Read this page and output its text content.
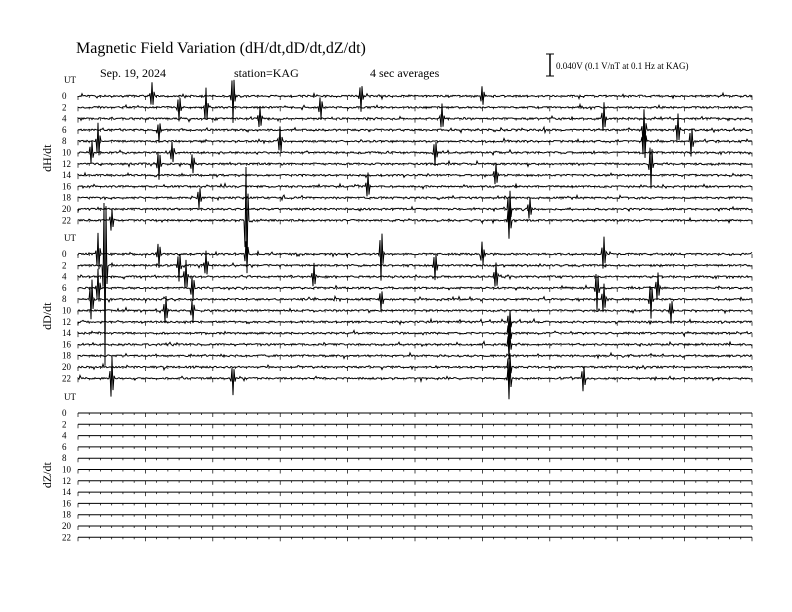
Magnetic Field Variation (dH/dt,dD/dt,dZ/dt)
Sep. 19, 2024	station=KAG	4 sec averages	0.040V (0.1 V/nT at 0.1 Hz at KAG)
UT
dH/dt
0
2
4
6
8
10
12
14
16
18
20
22
UT
dD/dt
0
2
4
6
8
10
12
14
16
18
20
22
UT
dZ/dt
0
2
4
6
8
10
12
14
16
18
20
22
